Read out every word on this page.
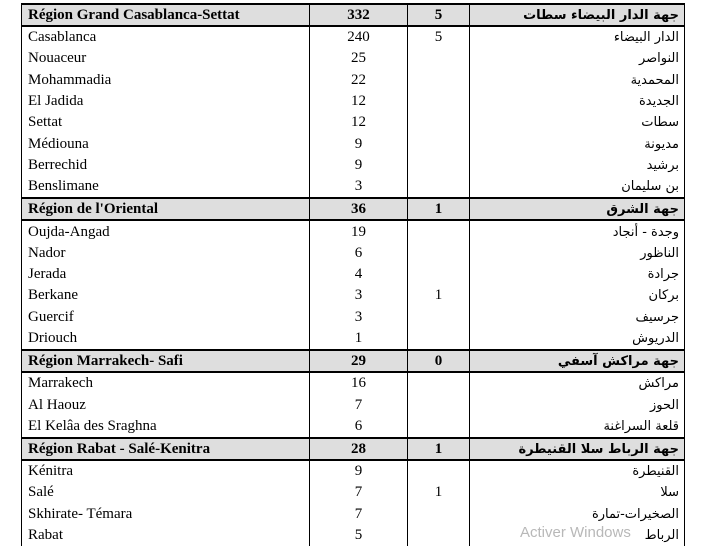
Région Grand Casablanca-Settat	332	5	جهة الدار البيضاء سطات
Casablanca	240	5	الدار البيضاء
Nouaceur	25		النواصر
Mohammadia	22		المحمدية
El Jadida	12		الجديدة
Settat	12		سطات
Médiouna	9		مديونة
Berrechid	9		برشيد
Benslimane	3		بن سليمان
Région de l'Oriental	36	1	جهة الشرق
Oujda-Angad	19		وجدة - أنجاد
Nador	6		الناظور
Jerada	4		جرادة
Berkane	3	1	بركان
Guercif	3		جرسيف
Driouch	1		الدريوش
Région Marrakech- Safi	29	0	جهة مراكش آسفي
Marrakech	16		مراكش
Al Haouz	7		الحوز
El Kelâa des Sraghna	6		قلعة السراغنة
Région Rabat - Salé-Kenitra	28	1	جهة الرباط سلا القنيطرة
Kénitra	9		القنيطرة
Salé	7	1	سلا
Skhirate- Témara	7		الصخيرات-تمارة
Rabat	5		الرباط
Activer Windows
